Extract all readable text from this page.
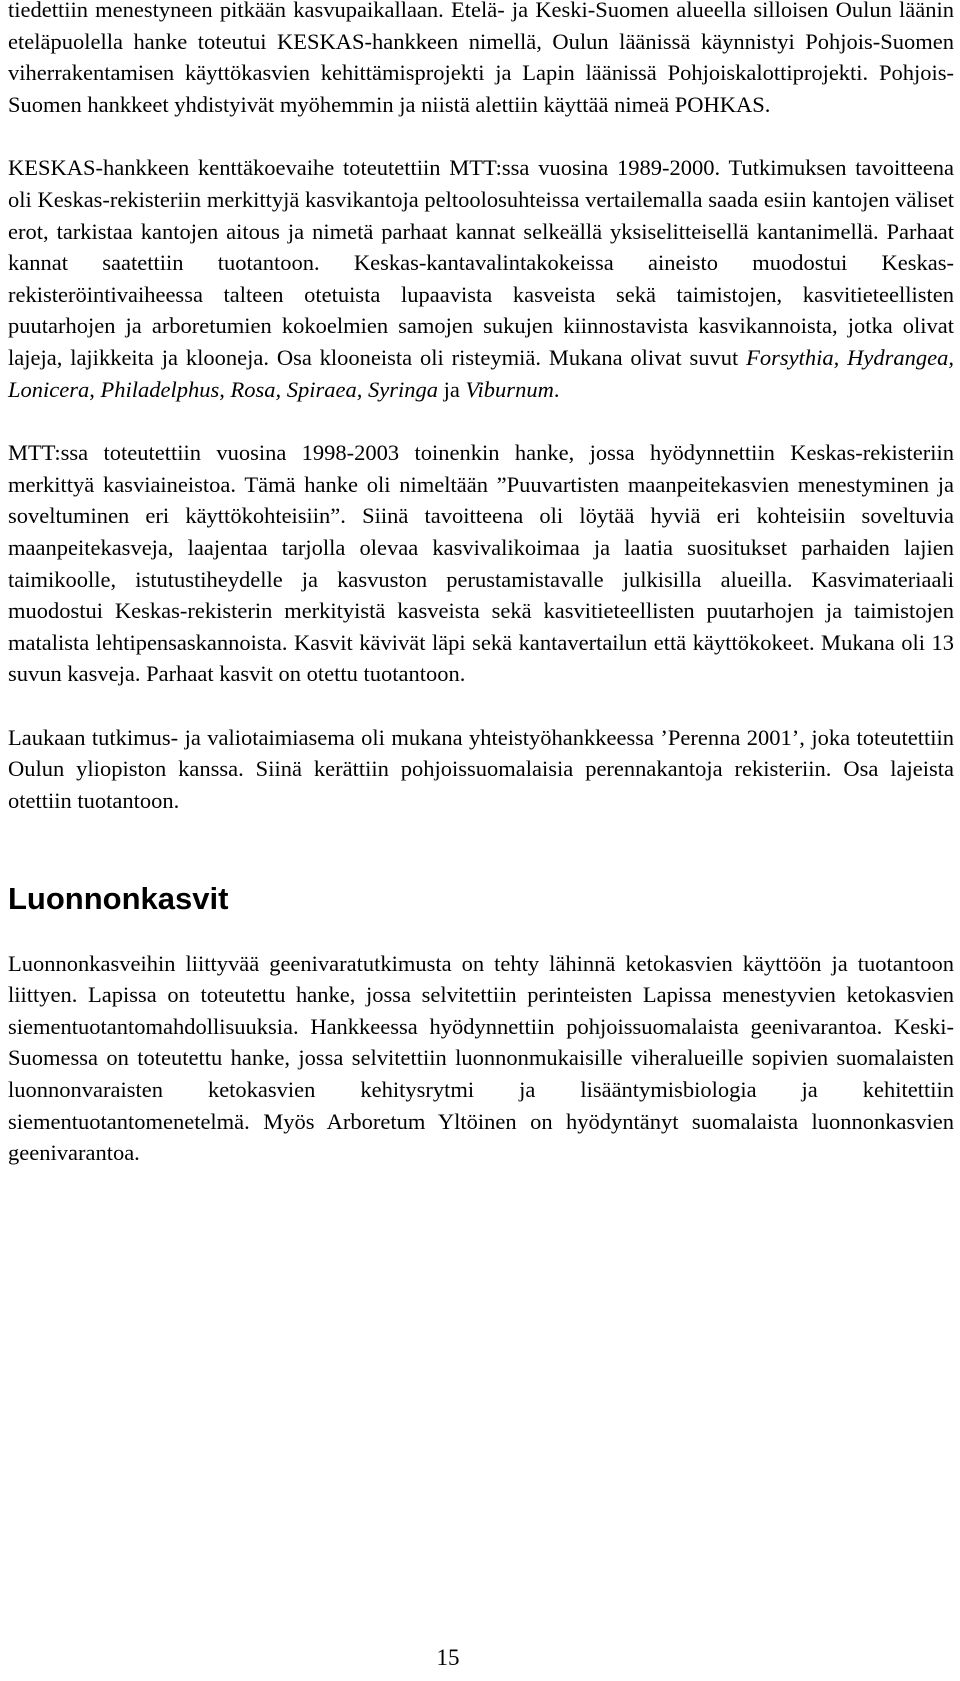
tiedettiin menestyneen pitkään kasvupaikallaan. Etelä- ja Keski-Suomen alueella silloisen Oulun läänin eteläpuolella hanke toteutui KESKAS-hankkeen nimellä, Oulun läänissä käynnistyi Pohjois-Suomen viherrakentamisen käyttökasvien kehittämisprojekti ja Lapin läänissä Pohjoiskalottiprojekti. Pohjois-Suomen hankkeet yhdistyivät myöhemmin ja niistä alettiin käyttää nimeä POHKAS.

KESKAS-hankkeen kenttäkoevaihe toteutettiin MTT:ssa vuosina 1989-2000. Tutkimuksen tavoitteena oli Keskas-rekisteriin merkittyjä kasvikantoja peltoolosuhteissa vertailemalla saada esiin kantojen väliset erot, tarkistaa kantojen aitous ja nimetä parhaat kannat selkeällä yksiselitteisellä kantanimellä. Parhaat kannat saatettiin tuotantoon. Keskas-kantavalintakokeissa aineisto muodostui Keskas-rekisteröintivaiheessa talteen otetuista lupaavista kasveista sekä taimistojen, kasvitieteellisten puutarhojen ja arboretumien kokoelmien samojen sukujen kiinnostavista kasvikannoista, jotka olivat lajeja, lajikkeita ja klooneja. Osa klooneista oli risteymiä. Mukana olivat suvut Forsythia, Hydrangea, Lonicera, Philadelphus, Rosa, Spiraea, Syringa ja Viburnum.

MTT:ssa toteutettiin vuosina 1998-2003 toinenkin hanke, jossa hyödynnettiin Keskas-rekisteriin merkittyä kasviaineistoa. Tämä hanke oli nimeltään ”Puuvartisten maanpeitekasvien menestyminen ja soveltuminen eri käyttökohteisiin”. Siinä tavoitteena oli löytää hyviä eri kohteisiin soveltuvia maanpeitekasveja, laajentaa tarjolla olevaa kasvivalikoimaa ja laatia suositukset parhaiden lajien taimikoolle, istutustiheydelle ja kasvuston perustamistavalle julkisilla alueilla. Kasvimateriaali muodostui Keskas-rekisterin merkityistä kasveista sekä kasvitieteellisten puutarhojen ja taimistojen matalista lehtipensaskannoista. Kasvit kävivät läpi sekä kantavertailun että käyttökokeet. Mukana oli 13 suvun kasveja. Parhaat kasvit on otettu tuotantoon.

Laukaan tutkimus- ja valiotaimiasema oli mukana yhteistyöhankkeessa ’Perenna 2001’, joka toteutettiin Oulun yliopiston kanssa. Siinä kerättiin pohjoissuomalaisia perennakantoja rekisteriin. Osa lajeista otettiin tuotantoon.

Luonnonkasvit

Luonnonkasveihin liittyvää geenivaratutkimusta on tehty lähinnä ketokasvien käyttöön ja tuotantoon liittyen. Lapissa on toteutettu hanke, jossa selvitettiin perinteisten Lapissa menestyvien ketokasvien siementuotantomahdollisuuksia. Hankkeessa hyödynnettiin pohjoissuomalaista geenivarantoa. Keski-Suomessa on toteutettu hanke, jossa selvitettiin luonnonmukaisille viheralueille sopivien suomalaisten luonnonvaraisten ketokasvien kehitysrytmi ja lisääntymisbiologia ja kehitettiin siementuotantomenetelmä. Myös Arboretum Yltöinen on hyödyntänyt suomalaista luonnonkasvien geenivarantoa.

15
